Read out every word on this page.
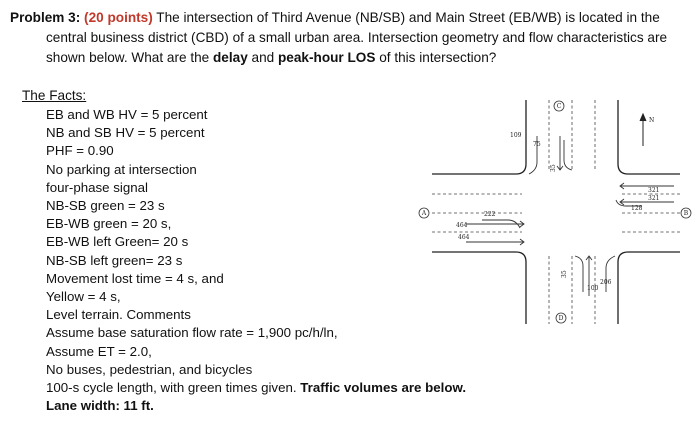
Problem 3: (20 points) The intersection of Third Avenue (NB/SB) and Main Street (EB/WB) is located in the central business district (CBD) of a small urban area. Intersection geometry and flow characteristics are shown below. What are the delay and peak-hour LOS of this intersection?
The Facts:
EB and WB HV = 5 percent
NB and SB HV = 5 percent
PHF = 0.90
No parking at intersection
four-phase signal
NB-SB green = 23 s
EB-WB green = 20 s,
EB-WB left Green= 20 s
NB-SB left green= 23 s
Movement lost time = 4 s, and
Yellow = 4 s,
Level terrain. Comments
Assume base saturation flow rate = 1,900 pc/h/ln,
Assume ET = 2.0,
No buses, pedestrian, and bicycles
100-s cycle length, with green times given. Traffic volumes are below.
Lane width: 11 ft.
109
75
35
321
321
128
222
464
464
35
100
206
C
D
A	B
N
